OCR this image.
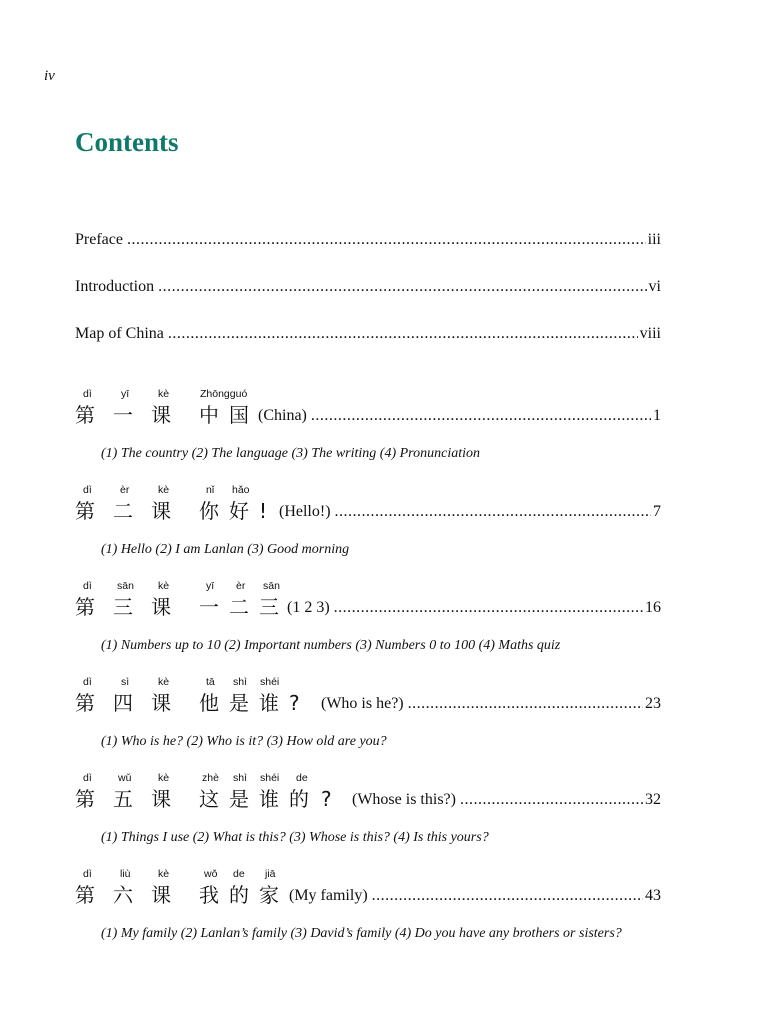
iv
Contents
Preface .....	iii
Introduction .....	vi
Map of China .....	viii
dì	yī	kè	Zhōngguó
第 一 课 中 国 (China) .....	1
(1) The country (2) The language (3) The writing (4) Pronunciation
dì	èr	kè	nǐ hǎo
第 二 课 你 好 ! (Hello!) .....	7
(1) Hello (2) I am Lanlan (3) Good morning
dì sān kè	yī èr sān
第 三 课 一 二 三 (1 2 3) .....	16
(1) Numbers up to 10 (2) Important numbers (3) Numbers 0 to 100 (4) Maths quiz
dì	sì	kè	tā shì shéi
第 四 课 他 是 谁 ? (Who is he?) .....	23
(1) Who is he? (2) Who is it? (3) How old are you?
dì wǔ	kè	zhè shì shéi de
第 五 课 这 是 谁 的 ? (Whose is this?) .....	32
(1) Things I use (2) What is this? (3) Whose is this? (4) Is this yours?
dì	liù	kè	wǒ de jiā
第 六 课 我 的 家 (My family) .....	43
(1) My family (2) Lanlan’s family (3) David’s family (4) Do you have any brothers or sisters?
